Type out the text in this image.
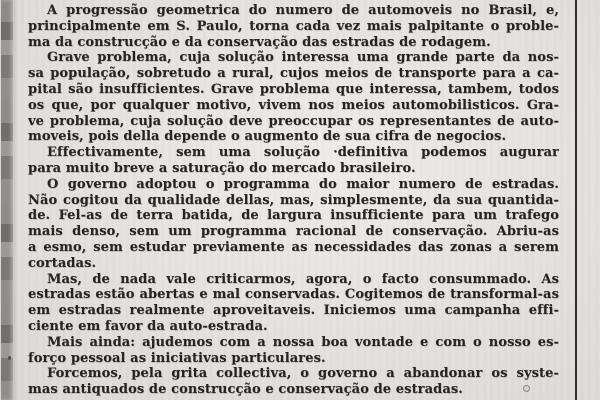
A progressão geometrica do numero de automoveis no Brasil, e,
principalmente em S. Paulo, torna cada vez mais palpitante o proble-
ma da construcção e da conservação das estradas de rodagem.
Grave problema, cuja solução interessa uma grande parte da nos-
sa população, sobretudo a rural, cujos meios de transporte para a ca-
pital são insufficientes. Grave problema que interessa, tambem, todos
os que, por qualquer motivo, vivem nos meios automobilisticos. Gra-
ve problema, cuja solução deve preoccupar os representantes de auto-
moveis, pois della depende o augmento de sua cifra de negocios.
Effectivamente, sem uma solução ·definitiva podemos augurar
para muito breve a saturação do mercado brasileiro.
O governo adoptou o programma do maior numero de estradas.
Não cogitou da qualidade dellas, mas, simplesmente, da sua quantida-
de. Fel-as de terra batida, de largura insufficiente para um trafego
mais denso, sem um programma racional de conservação. Abriu-as
a esmo, sem estudar previamente as necessidades das zonas a serem
cortadas.
Mas, de nada vale criticarmos, agora, o facto consummado. As
estradas estão abertas e mal conservadas. Cogitemos de transformal-as
em estradas realmente aproveitaveis. Iniciemos uma campanha effi-
ciente em favor da auto-estrada.
Mais ainda: ajudemos com a nossa boa vontade e com o nosso es-
forço pessoal as iniciativas particulares.
Forcemos, pela grita collectiva, o governo a abandonar os syste-
mas antiquados de construcção e conservação de estradas.
